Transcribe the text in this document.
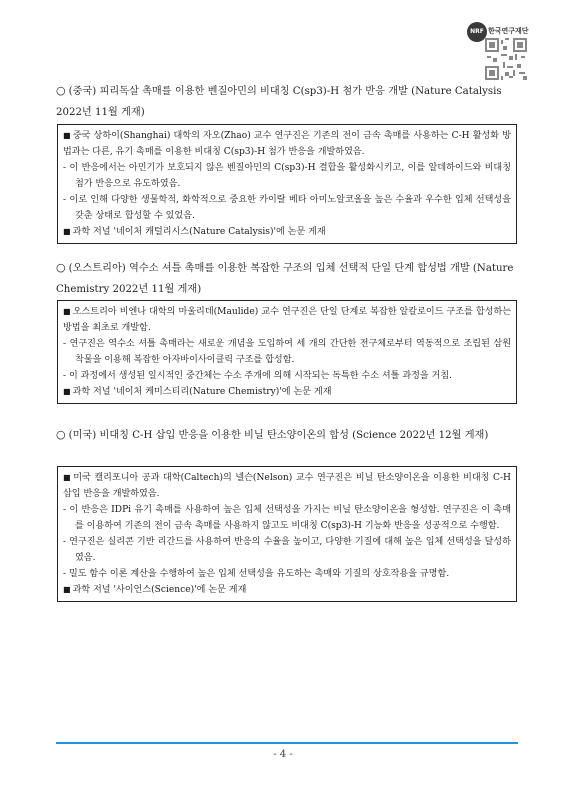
NRF 한국연구재단

○ (중국) 피리독살 촉매를 이용한 벤질아민의 비대칭 C(sp3)-H 첨가 반응 개발 (Nature Catalysis 2022년 11월 게재)

■ 중국 상하이(Shanghai) 대학의 자오(Zhao) 교수 연구진은 기존의 전이 금속 촉매를 사용하는 C-H 활성화 방법과는 다른, 유기 촉매를 이용한 비대칭 C(sp3)-H 첨가 반응을 개발하였음.

- 이 반응에서는 아민기가 보호되지 않은 벤질아민의 C(sp3)-H 결합을 활성화시키고, 이를 알데하이드와 비대칭 첨가 반응으로 유도하였음.

- 이로 인해 다양한 생물학적, 화학적으로 중요한 카이랄 베타 아미노알코올을 높은 수율과 우수한 입체 선택성을 갖춘 상태로 합성할 수 있었음.

■ 과학 저널 '네이처 캐털리시스(Nature Catalysis)'에 논문 게재

○ (오스트리아) 역수소 셔틀 촉매를 이용한 복잡한 구조의 입체 선택적 단일 단계 합성법 개발 (Nature Chemistry 2022년 11월 게재)

■ 오스트리아 비엔나 대학의 마울리데(Maulide) 교수 연구진은 단일 단계로 복잡한 알칼로이드 구조를 합성하는 방법을 최초로 개발함.

- 연구진은 역수소 셔틀 촉매라는 새로운 개념을 도입하여 세 개의 간단한 전구체로부터 역동적으로 조립된 삼원 착물을 이용해 복잡한 아자바이사이클릭 구조를 합성함.

- 이 과정에서 생성된 일시적인 중간체는 수소 주개에 의해 시작되는 독특한 수소 셔틀 과정을 거침.

■ 과학 저널 '네이처 케미스티리(Nature Chemistry)'에 논문 게재

○ (미국) 비대칭 C-H 삽입 반응을 이용한 비닐 탄소양이온의 합성 (Science 2022년 12월 게재)

■ 미국 캘리포니아 공과 대학(Caltech)의 넬슨(Nelson) 교수 연구진은 비닐 탄소양이온을 이용한 비대칭 C-H 삽입 반응을 개발하였음.

- 이 반응은 IDPi 유기 촉매를 사용하여 높은 입체 선택성을 가지는 비닐 탄소양이온을 형성함. 연구진은 이 촉매를 이용하여 기존의 전이 금속 촉매를 사용하지 않고도 비대칭 C(sp3)-H 기능화 반응을 성공적으로 수행함.

- 연구진은 실리콘 기반 리간드를 사용하여 반응의 수율을 높이고, 다양한 기질에 대해 높은 입체 선택성을 달성하였음.

- 밀도 함수 이론 계산을 수행하여 높은 입체 선택성을 유도하는 촉매와 기질의 상호작용을 규명함.

■ 과학 저널 '사이언스(Science)'에 논문 게재

- 4 -
